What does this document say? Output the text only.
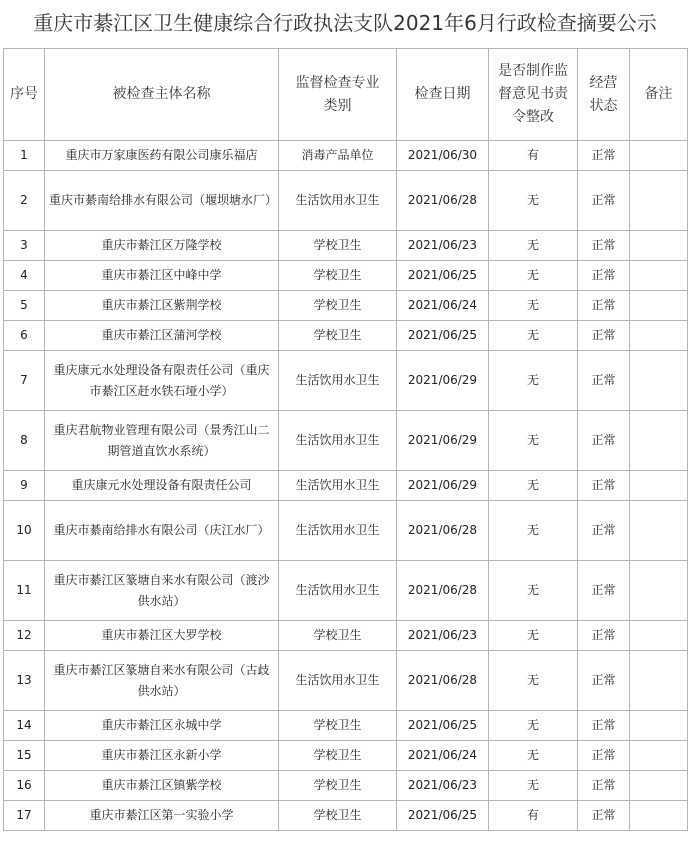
重庆市綦江区卫生健康综合行政执法支队2021年6月行政检查摘要公示
序号	被检查主体名称	监督检查专业类别	检查日期	是否制作监督意见书责令整改	经营状态	备注
1	重庆市万家康医药有限公司康乐福店	消毒产品单位	2021/06/30	有	正常	
2	重庆市綦南给排水有限公司（堰坝塘水厂）	生活饮用水卫生	2021/06/28	无	正常	
3	重庆市綦江区万隆学校	学校卫生	2021/06/23	无	正常	
4	重庆市綦江区中峰中学	学校卫生	2021/06/25	无	正常	
5	重庆市綦江区紫荆学校	学校卫生	2021/06/24	无	正常	
6	重庆市綦江区蒲河学校	学校卫生	2021/06/25	无	正常	
7	重庆康元水处理设备有限责任公司（重庆市綦江区赶水铁石垭小学）	生活饮用水卫生	2021/06/29	无	正常	
8	重庆君航物业管理有限公司（景秀江山二期管道直饮水系统）	生活饮用水卫生	2021/06/29	无	正常	
9	重庆康元水处理设备有限责任公司	生活饮用水卫生	2021/06/29	无	正常	
10	重庆市綦南给排水有限公司（庆江水厂）	生活饮用水卫生	2021/06/28	无	正常	
11	重庆市綦江区篆塘自来水有限公司（渡沙供水站）	生活饮用水卫生	2021/06/28	无	正常	
12	重庆市綦江区大罗学校	学校卫生	2021/06/23	无	正常	
13	重庆市綦江区篆塘自来水有限公司（古歧供水站）	生活饮用水卫生	2021/06/28	无	正常	
14	重庆市綦江区永城中学	学校卫生	2021/06/25	无	正常	
15	重庆市綦江区永新小学	学校卫生	2021/06/24	无	正常	
16	重庆市綦江区镇紫学校	学校卫生	2021/06/23	无	正常	
17	重庆市綦江区第一实验小学	学校卫生	2021/06/25	有	正常	
